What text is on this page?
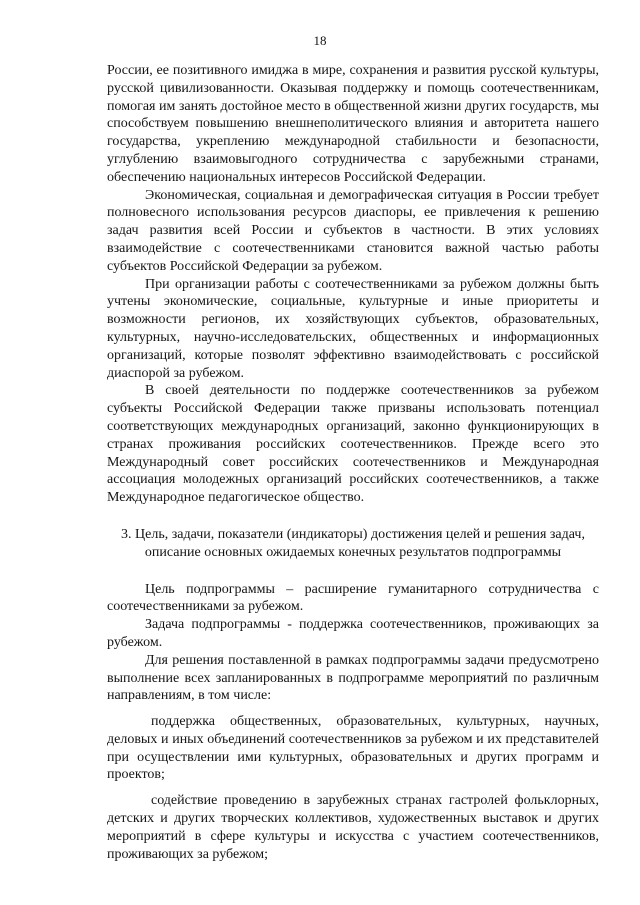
18

России, ее позитивного имиджа в мире, сохранения и развития русской культуры, русской цивилизованности. Оказывая поддержку и помощь соотечественникам, помогая им занять достойное место в общественной жизни других государств, мы способствуем повышению внешнеполитического влияния и авторитета нашего государства, укреплению международной стабильности и безопасности, углублению взаимовыгодного сотрудничества с зарубежными странами, обеспечению национальных интересов Российской Федерации.

Экономическая, социальная и демографическая ситуация в России требует полновесного использования ресурсов диаспоры, ее привлечения к решению задач развития всей России и субъектов в частности. В этих условиях взаимодействие с соотечественниками становится важной частью работы субъектов Российской Федерации за рубежом.

При организации работы с соотечественниками за рубежом должны быть учтены экономические, социальные, культурные и иные приоритеты и возможности регионов, их хозяйствующих субъектов, образовательных, культурных, научно-исследовательских, общественных и информационных организаций, которые позволят эффективно взаимодействовать с российской диаспорой за рубежом.

В своей деятельности по поддержке соотечественников за рубежом субъекты Российской Федерации также призваны использовать потенциал соответствующих международных организаций, законно функционирующих в странах проживания российских соотечественников. Прежде всего это Международный совет российских соотечественников и Международная ассоциация молодежных организаций российских соотечественников, а также Международное педагогическое общество.

3. Цель, задачи, показатели (индикаторы) достижения целей и решения задач, описание основных ожидаемых конечных результатов подпрограммы

Цель подпрограммы – расширение гуманитарного сотрудничества с соотечественниками за рубежом.

Задача подпрограммы - поддержка соотечественников, проживающих за рубежом.

Для решения поставленной в рамках подпрограммы задачи предусмотрено выполнение всех запланированных в подпрограмме мероприятий по различным направлениям, в том числе:

поддержка общественных, образовательных, культурных, научных, деловых и иных объединений соотечественников за рубежом и их представителей при осуществлении ими культурных, образовательных и других программ и проектов;

содействие проведению в зарубежных странах гастролей фольклорных, детских и других творческих коллективов, художественных выставок и других мероприятий в сфере культуры и искусства с участием соотечественников, проживающих за рубежом;
